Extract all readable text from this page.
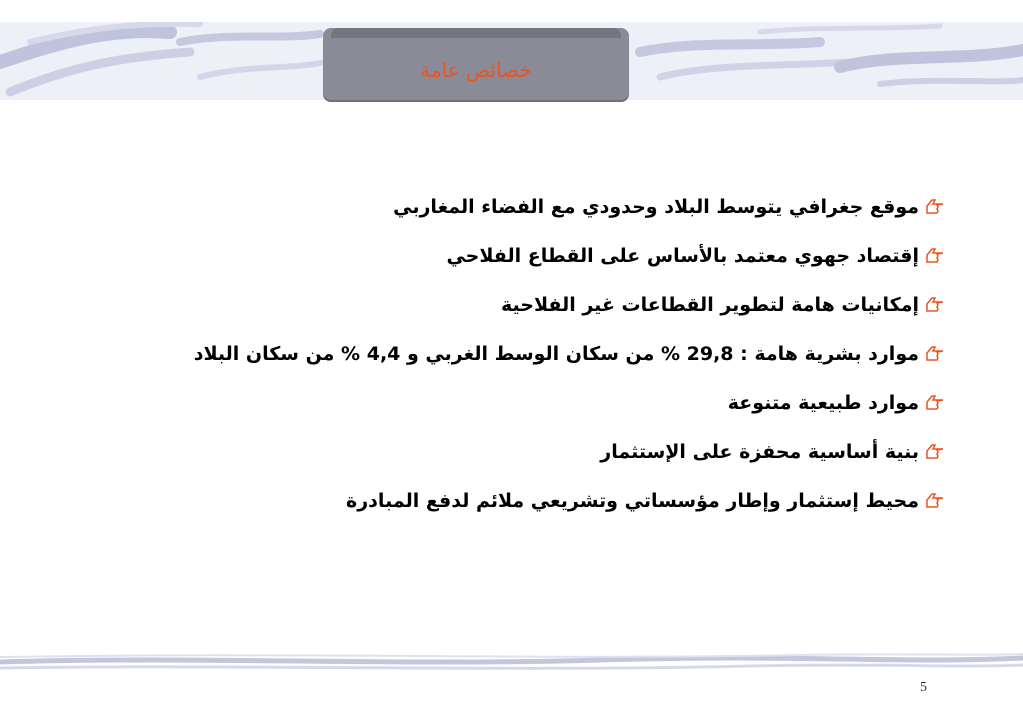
خصائص عامة
موقع جغرافي يتوسط البلاد وحدودي مع الفضاء المغاربي
إقتصاد جهوي معتمد بالأساس على القطاع الفلاحي
إمكانيات هامة لتطوير القطاعات غير الفلاحية
موارد بشرية هامة : 29,8 % من سكان الوسط الغربي و 4,4 % من سكان البلاد
موارد طبيعية متنوعة
بنية أساسية محفزة على الإستثمار
محيط إستثمار وإطار مؤسساتي وتشريعي ملائم لدفع المبادرة
5
